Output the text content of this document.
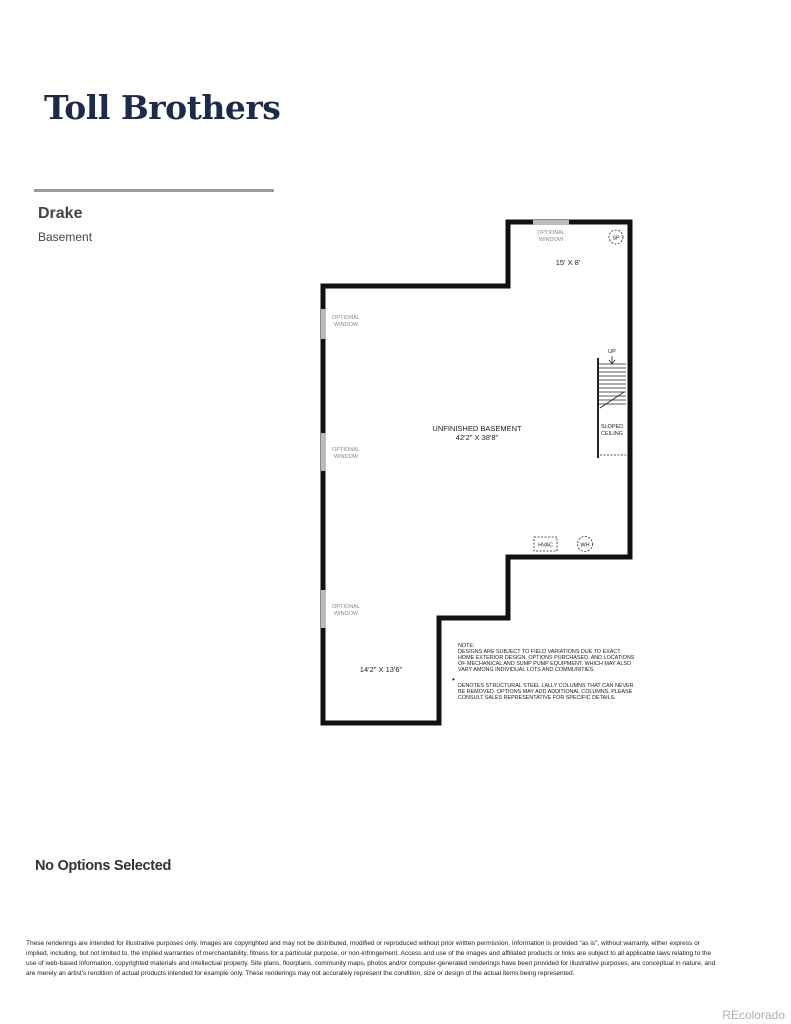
Toll Brothers
Drake
Basement	OPTIONAL
WINDOW
OPTIONAL
WINDOW
OPTIONAL
WINDOW
OPTIONAL
WINDOW
SP
15' X 8'
UNFINISHED BASEMENT
42'2" X 38'8"
14'2" X 13'6"
UP
SLOPED
CEILING
HVAC	WH
NOTE:
DESIGNS ARE SUBJECT TO FIELD VARIATIONS DUE TO EXACT
HOME EXTERIOR DESIGN, OPTIONS PURCHASED, AND LOCATIONS
OF MECHANICAL AND SUMP PUMP EQUIPMENT, WHICH MAY ALSO
VARY AMONG INDIVIDUAL LOTS AND COMMUNITIES.
•
DENOTES STRUCTURAL STEEL LALLY COLUMNS THAT CAN NEVER
BE REMOVED. OPTIONS MAY ADD ADDITIONAL COLUMNS. PLEASE
CONSULT SALES REPRESENTATIVE FOR SPECIFIC DETAILS.
No Options Selected
These renderings are intended for illustrative purposes only. Images are copyrighted and may not be distributed, modified or reproduced without prior written permission. Information is provided "as is", without warranty, either express or implied, including, but not limited to, the implied warranties of merchantability, fitness for a particular purpose, or non-infringement. Access and use of the images and affiliated products or links are subject to all applicable laws relating to the use of web-based information, copyrighted materials and intellectual property. Site plans, floorplans, community maps, photos and/or computer-generated renderings have been provided for illustrative purposes, are conceptual in nature, and are merely an artist's rendition of actual products intended for example only. These renderings may not accurately represent the condition, size or design of the actual items being represented.
REcolorado
